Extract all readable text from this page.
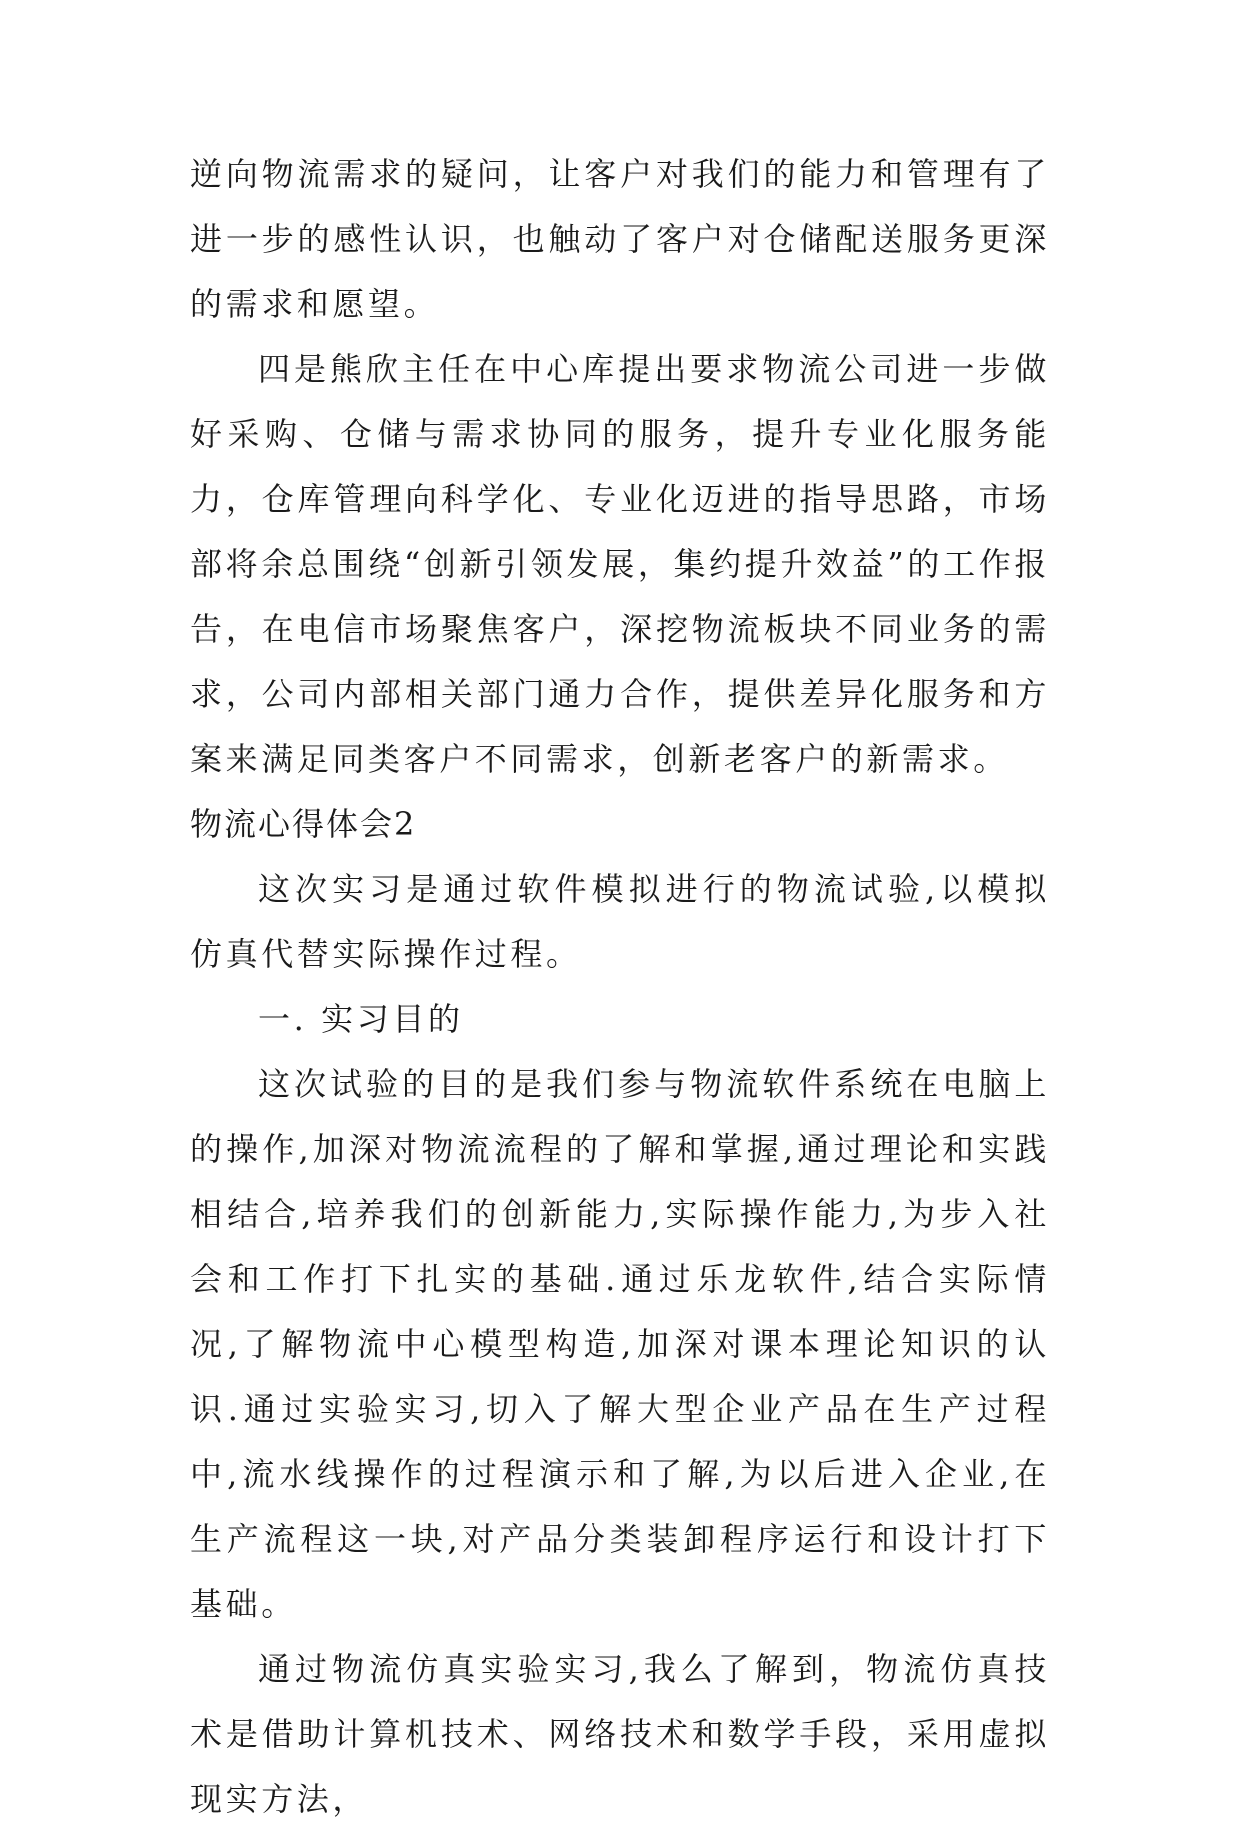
逆向物流需求的疑问，让客户对我们的能力和管理有了进一步的感性认识，也触动了客户对仓储配送服务更深的需求和愿望。

四是熊欣主任在中心库提出要求物流公司进一步做好采购、仓储与需求协同的服务，提升专业化服务能力，仓库管理向科学化、专业化迈进的指导思路，市场部将余总围绕“创新引领发展，集约提升效益”的工作报告，在电信市场聚焦客户，深挖物流板块不同业务的需求，公司内部相关部门通力合作，提供差异化服务和方案来满足同类客户不同需求，创新老客户的新需求。

物流心得体会2

这次实习是通过软件模拟进行的物流试验,以模拟仿真代替实际操作过程。

一. 实习目的

这次试验的目的是我们参与物流软件系统在电脑上的操作,加深对物流流程的了解和掌握,通过理论和实践相结合,培养我们的创新能力,实际操作能力,为步入社会和工作打下扎实的基础.通过乐龙软件,结合实际情况,了解物流中心模型构造,加深对课本理论知识的认识.通过实验实习,切入了解大型企业产品在生产过程中,流水线操作的过程演示和了解,为以后进入企业,在生产流程这一块,对产品分类装卸程序运行和设计打下基础。

通过物流仿真实验实习,我么了解到，物流仿真技术是借助计算机技术、网络技术和数学手段，采用虚拟现实方法，
